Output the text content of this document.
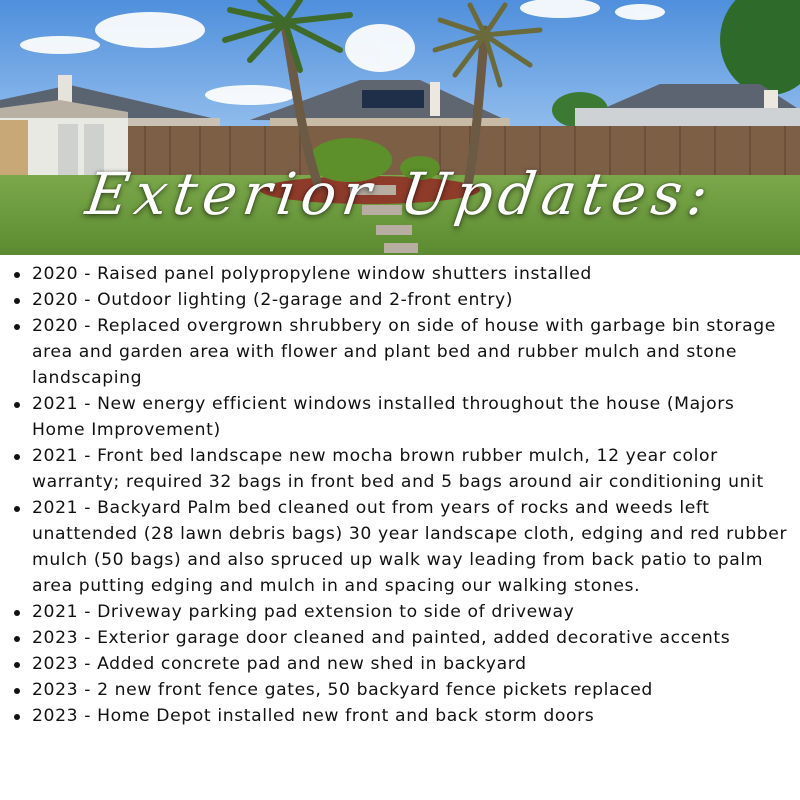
Exterior Updates:
2020 - Raised panel polypropylene window shutters installed
2020 - Outdoor lighting (2-garage and 2-front entry)
2020 - Replaced overgrown shrubbery on side of house with garbage bin storage area and garden area with flower and plant bed and rubber mulch and stone landscaping
2021 - New energy efficient windows installed throughout the house (Majors Home Improvement)
2021 - Front bed landscape new mocha brown rubber mulch, 12 year color warranty; required 32 bags in front bed and 5 bags around air conditioning unit
2021 - Backyard Palm bed cleaned out from years of rocks and weeds left unattended (28 lawn debris bags) 30 year landscape cloth, edging and red rubber mulch (50 bags) and also spruced up walk way leading from back patio to palm area putting edging and mulch in and spacing our walking stones.
2021 - Driveway parking pad extension to side of driveway
2023 - Exterior garage door cleaned and painted, added decorative accents
2023 - Added concrete pad and new shed in backyard
2023 - 2 new front fence gates, 50 backyard fence pickets replaced
2023 - Home Depot installed new front and back storm doors
